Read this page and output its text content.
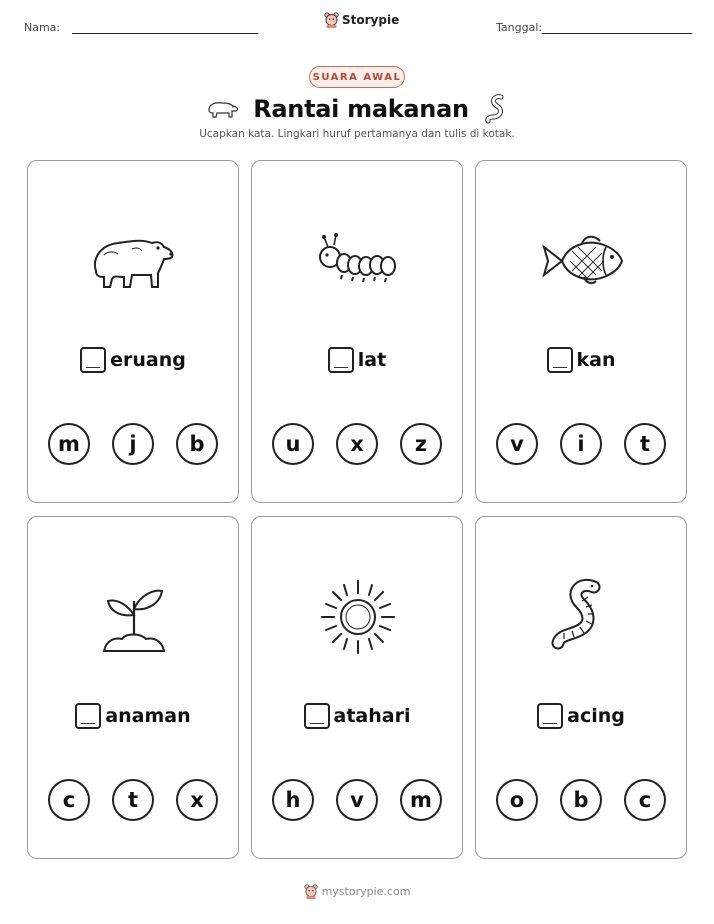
Nama:
Storypie
Tanggal:
SUARA AWAL
Rantai makanan
Ucapkan kata. Lingkari huruf pertamanya dan tulis di kotak.
eruang
m	j	b
lat
u	x	z
kan
v	i	t
anaman
c	t	x
atahari
h	v	m
acing
o	b	c
mystorypie.com
